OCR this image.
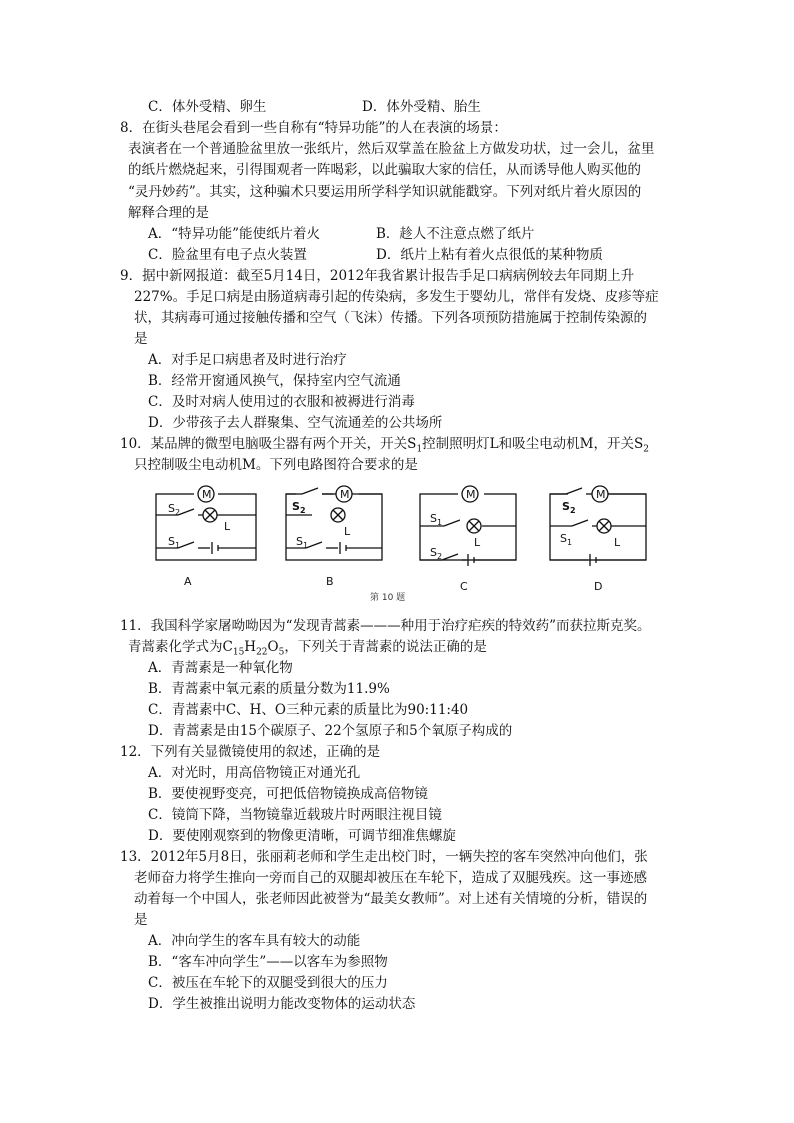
C．体外受精、卵生	D．体外受精、胎生
8．在街头巷尾会看到一些自称有“特异功能”的人在表演的场景：
表演者在一个普通脸盆里放一张纸片，然后双掌盖在脸盆上方做发功状，过一会儿，盆里
的纸片燃烧起来，引得围观者一阵喝彩，以此骗取大家的信任，从而诱导他人购买他的
“灵丹妙药”。其实，这种骗术只要运用所学科学知识就能戳穿。下列对纸片着火原因的
解释合理的是
A．“特异功能”能使纸片着火	B．趁人不注意点燃了纸片
C．脸盆里有电子点火装置	D．纸片上粘有着火点很低的某种物质
9．据中新网报道：截至5月14日，2012年我省累计报告手足口病病例较去年同期上升
227%。手足口病是由肠道病毒引起的传染病，多发生于婴幼儿，常伴有发烧、皮疹等症
状，其病毒可通过接触传播和空气（飞沫）传播。下列各项预防措施属于控制传染源的
是
A．对手足口病患者及时进行治疗
B．经常开窗通风换气，保持室内空气流通
C．及时对病人使用过的衣服和被褥进行消毒
D．少带孩子去人群聚集、空气流通差的公共场所
10．某品牌的微型电脑吸尘器有两个开关，开关$S_1$控制照明灯L和吸尘电动机M，开关$S_2$
只控制吸尘电动机M。下列电路图符合要求的是
M
L
$S_2$
$S_1$
A
M
L
$S_2$
$S_1$
B
M
L
$S_1$
$S_2$
C
M
L
$S_2$
$S_1$
D
第 10 题
11．我国科学家屠呦呦因为“发现青蒿素———种用于治疗疟疾的特效药”而获拉斯克奖。
青蒿素化学式为$C_{15}H_{22}O_5$，下列关于青蒿素的说法正确的是
A．青蒿素是一种氧化物
B．青蒿素中氧元素的质量分数为11.9%
C．青蒿素中C、H、O三种元素的质量比为90:11:40
D．青蒿素是由15个碳原子、22个氢原子和5个氧原子构成的
12．下列有关显微镜使用的叙述，正确的是
A．对光时，用高倍物镜正对通光孔
B．要使视野变亮，可把低倍物镜换成高倍物镜
C．镜筒下降，当物镜靠近载玻片时两眼注视目镜
D．要使刚观察到的物像更清晰，可调节细准焦螺旋
13．2012年5月8日，张丽莉老师和学生走出校门时，一辆失控的客车突然冲向他们，张
老师奋力将学生推向一旁而自己的双腿却被压在车轮下，造成了双腿残疾。这一事迹感
动着每一个中国人，张老师因此被誉为“最美女教师”。对上述有关情境的分析，错误的
是
A．冲向学生的客车具有较大的动能
B．“客车冲向学生”——以客车为参照物
C．被压在车轮下的双腿受到很大的压力
D．学生被推出说明力能改变物体的运动状态
